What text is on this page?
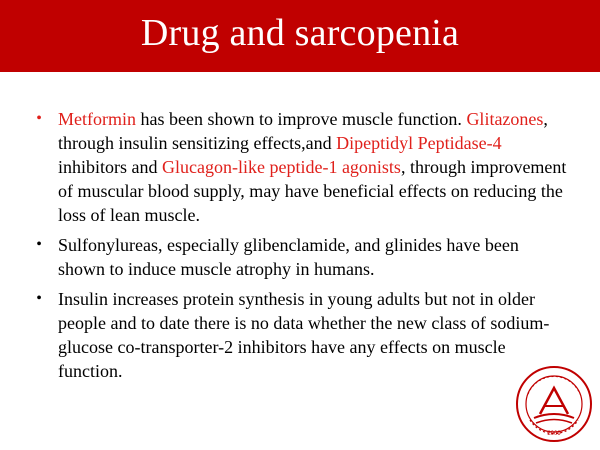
Drug and sarcopenia
• Metformin has been shown to improve muscle function. Glitazones, through insulin sensitizing effects,and Dipeptidyl Peptidase-4 inhibitors and Glucagon-like peptide-1 agonists, through improvement of muscular blood supply, may have beneficial effects on reducing the loss of lean muscle.
• Sulfonylureas, especially glibenclamide, and glinides have been shown to induce muscle atrophy in humans.
• Insulin increases protein synthesis in young adults but not in older people and to date there is no data whether the new class of sodium-glucose co-transporter-2 inhibitors have any effects on muscle function.
2009
